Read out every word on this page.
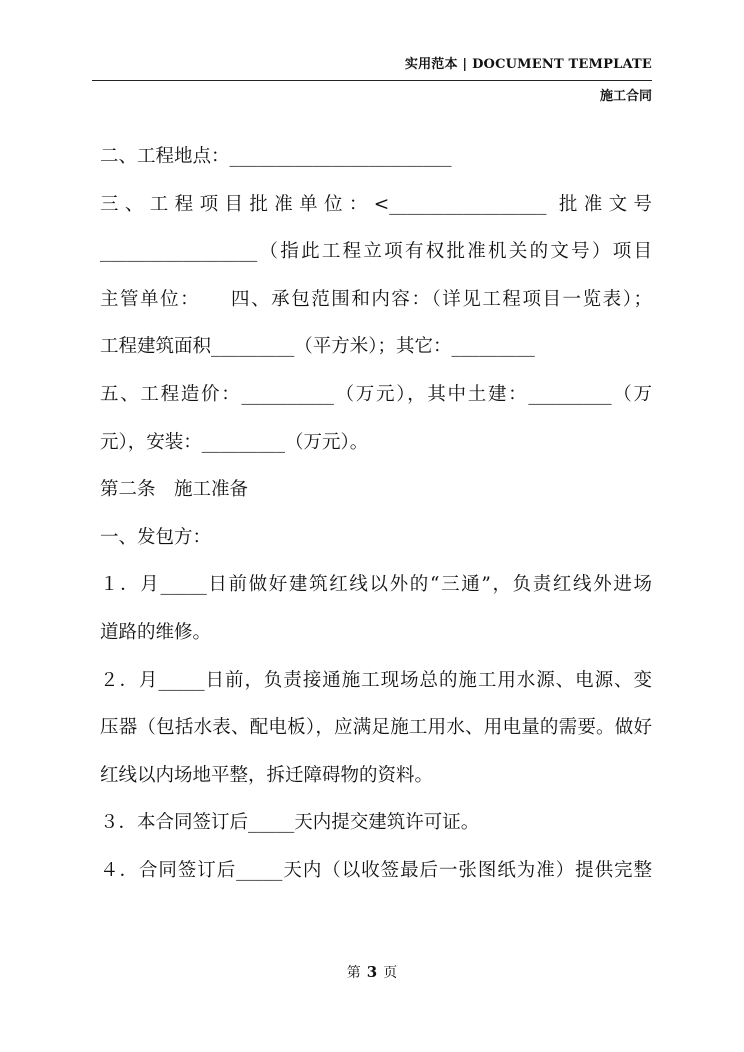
实用范本 | DOCUMENT TEMPLATE
施工合同
二、工程地点：________________________
三、工程项目批准单位：<_________________ 批准文号
_________________（指此工程立项有权批准机关的文号）项目
主管单位：　　四、承包范围和内容：（详见工程项目一览表）；
工程建筑面积_________（平方米）；其它：_________
五、工程造价：__________（万元），其中土建：_________（万
元），安装：_________（万元）。
第二条　施工准备
一、发包方：
１．月_____日前做好建筑红线以外的“三通”，负责红线外进场
道路的维修。
２．月_____日前，负责接通施工现场总的施工用水源、电源、变
压器（包括水表、配电板），应满足施工用水、用电量的需要。做好
红线以内场地平整，拆迁障碍物的资料。
３．本合同签订后_____天内提交建筑许可证。
４．合同签订后_____天内（以收签最后一张图纸为准）提供完整
第 3 页
